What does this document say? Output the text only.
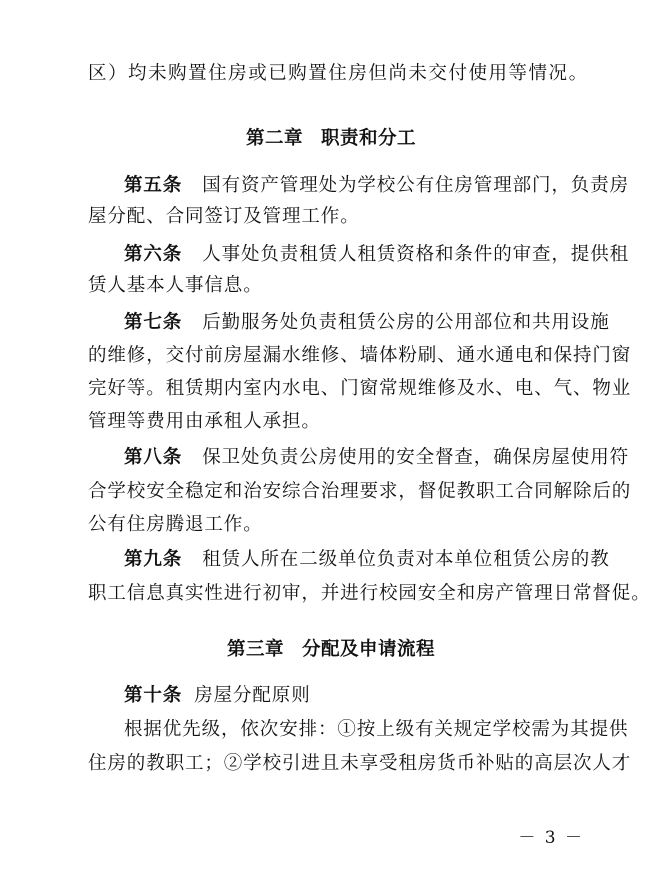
区）均未购置住房或已购置住房但尚未交付使用等情况。
第二章 职责和分工
第五条 国有资产管理处为学校公有住房管理部门，负责房
屋分配、合同签订及管理工作。
第六条 人事处负责租赁人租赁资格和条件的审查，提供租
赁人基本人事信息。
第七条 后勤服务处负责租赁公房的公用部位和共用设施
的维修，交付前房屋漏水维修、墙体粉刷、通水通电和保持门窗
完好等。租赁期内室内水电、门窗常规维修及水、电、气、物业
管理等费用由承租人承担。
第八条 保卫处负责公房使用的安全督查，确保房屋使用符
合学校安全稳定和治安综合治理要求，督促教职工合同解除后的
公有住房腾退工作。
第九条 租赁人所在二级单位负责对本单位租赁公房的教
职工信息真实性进行初审，并进行校园安全和房产管理日常督促。
第三章 分配及申请流程
第十条 房屋分配原则
根据优先级，依次安排：①按上级有关规定学校需为其提供
住房的教职工；②学校引进且未享受租房货币补贴的高层次人才
－ 3 －
